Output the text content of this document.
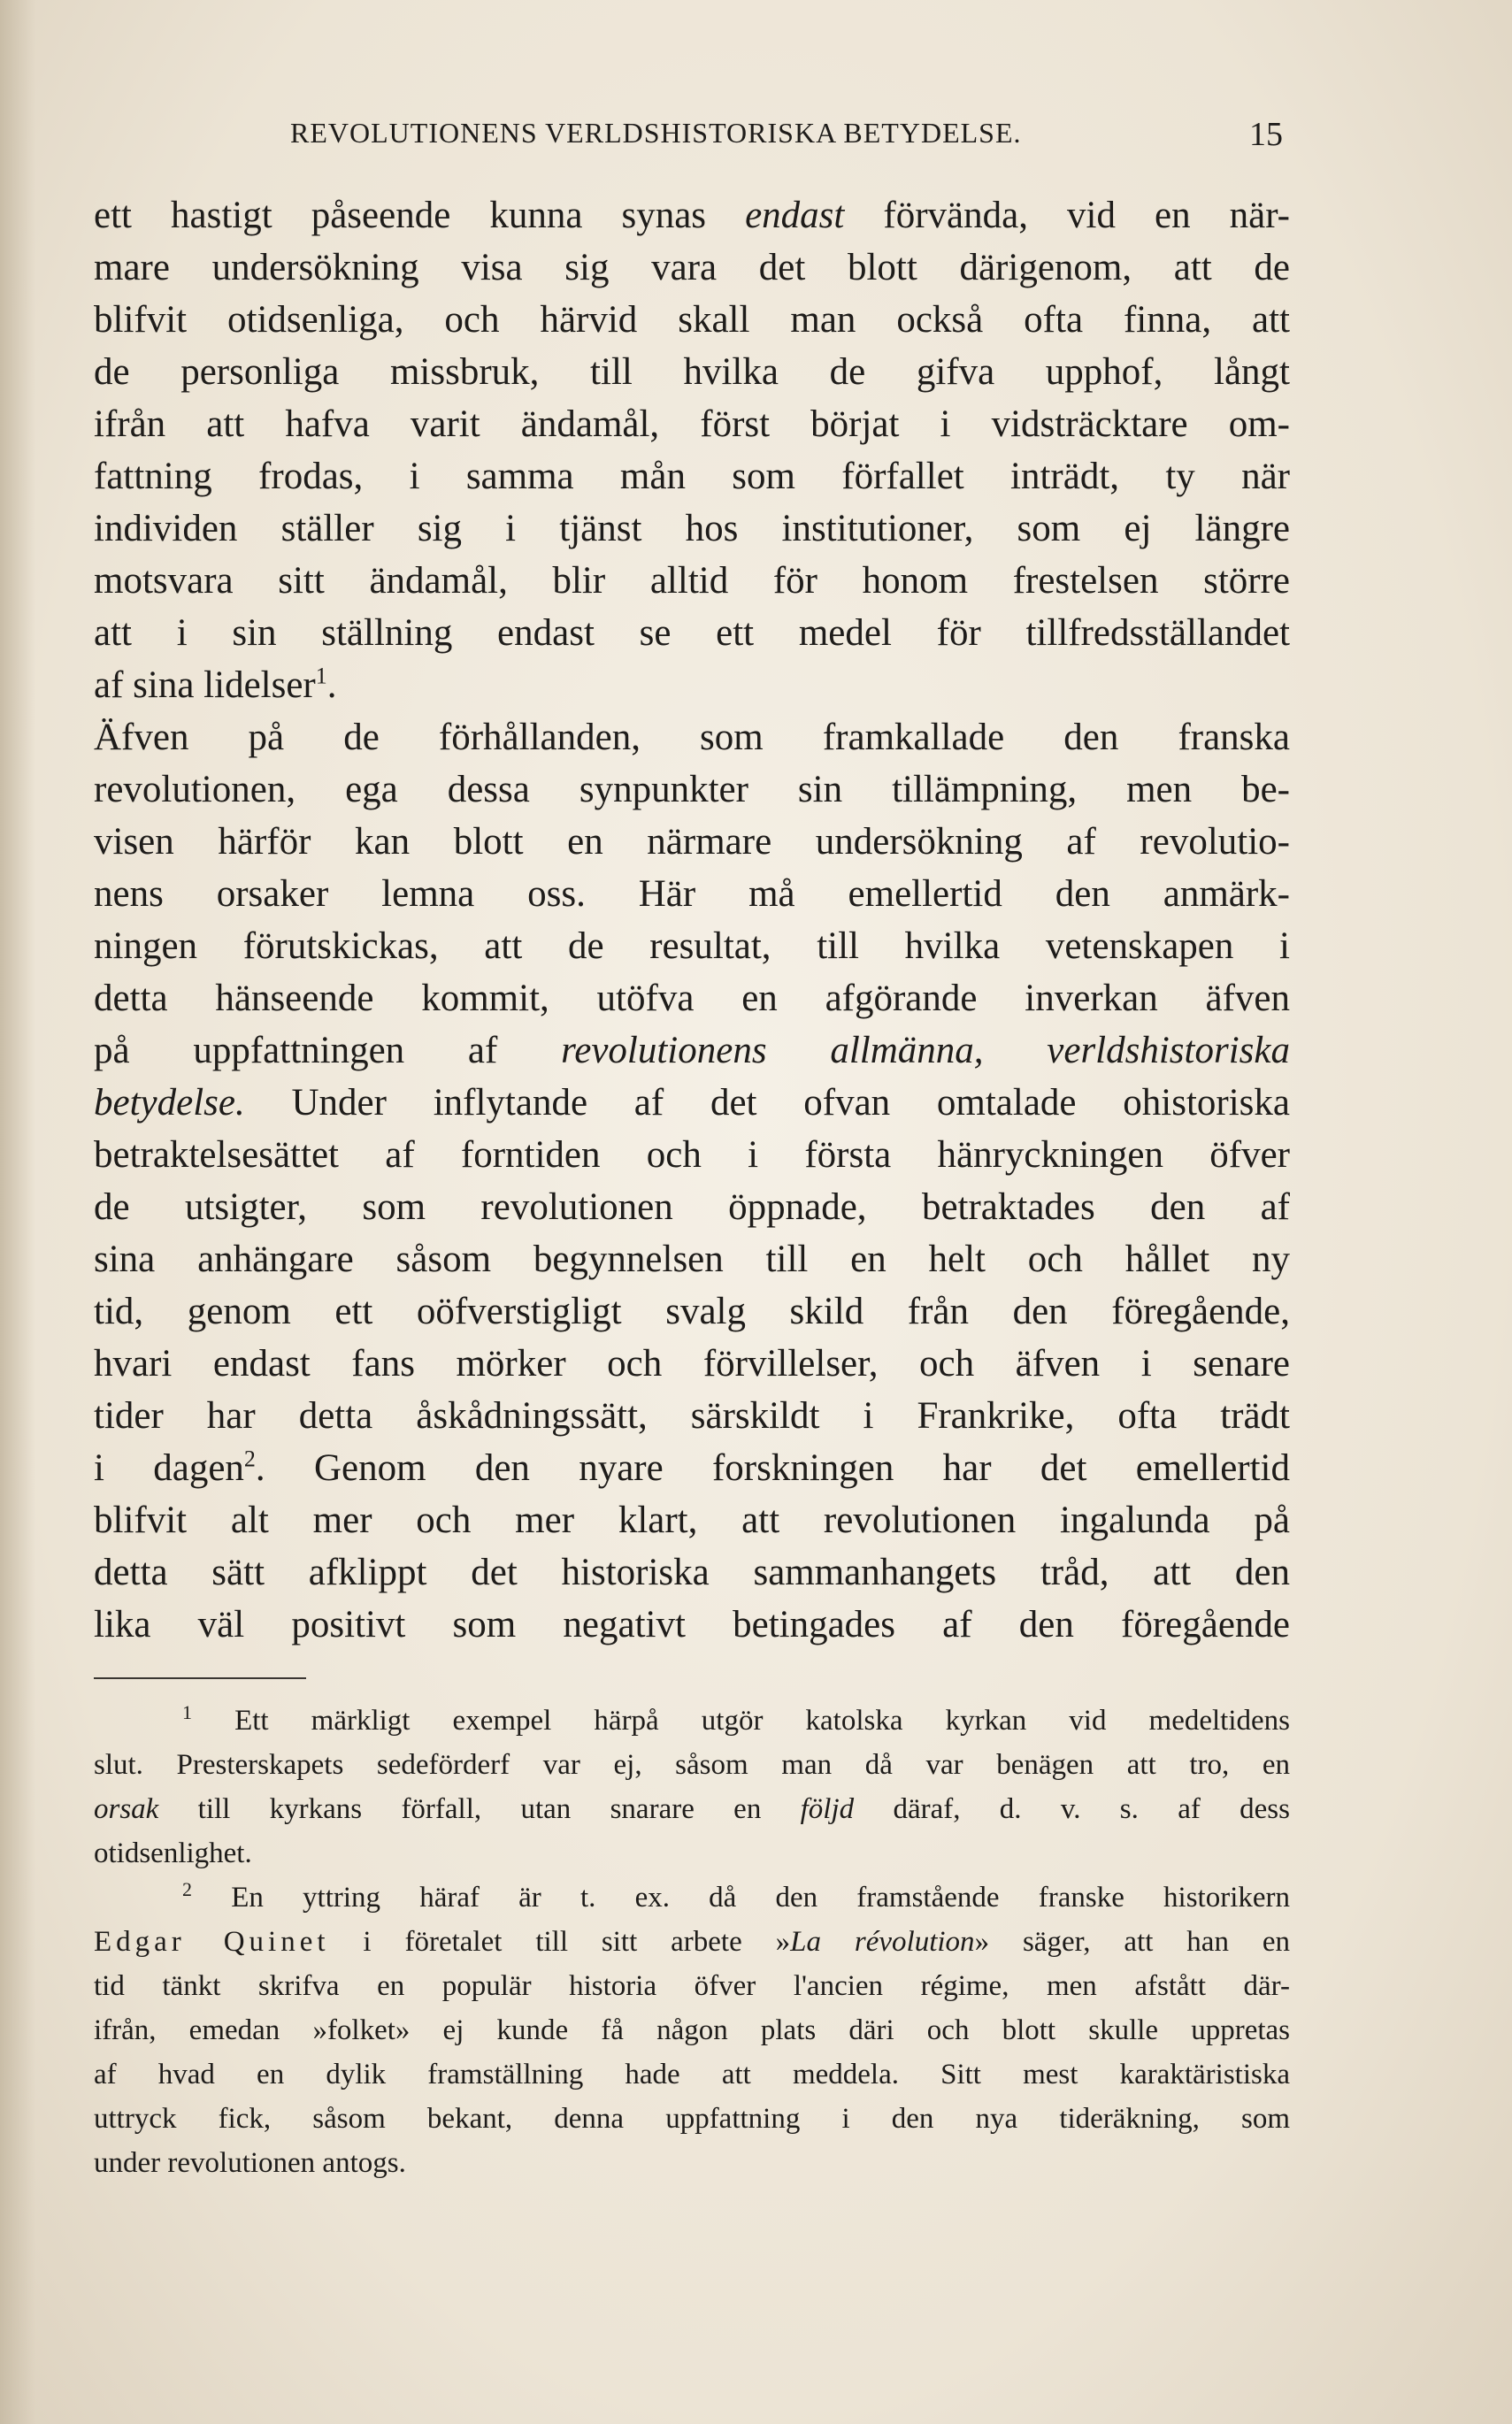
REVOLUTIONENS VERLDSHISTORISKA BETYDELSE.	15
ett hastigt påseende kunna synas endast förvända, vid en när-
mare undersökning visa sig vara det blott därigenom, att de
blifvit otidsenliga, och härvid skall man också ofta finna, att
de personliga missbruk, till hvilka de gifva upphof, långt
ifrån att hafva varit ändamål, först börjat i vidsträcktare om-
fattning frodas, i samma mån som förfallet inträdt, ty när
individen ställer sig i tjänst hos institutioner, som ej längre
motsvara sitt ändamål, blir alltid för honom frestelsen större
att i sin ställning endast se ett medel för tillfredsställandet
af sina lidelser$^1$.
Äfven på de förhållanden, som framkallade den franska
revolutionen, ega dessa synpunkter sin tillämpning, men be-
visen härför kan blott en närmare undersökning af revolutio-
nens orsaker lemna oss. Här må emellertid den anmärk-
ningen förutskickas, att de resultat, till hvilka vetenskapen i
detta hänseende kommit, utöfva en afgörande inverkan äfven
på uppfattningen af revolutionens allmänna, verldshistoriska
betydelse. Under inflytande af det ofvan omtalade ohistoriska
betraktelsesättet af forntiden och i första hänryckningen öfver
de utsigter, som revolutionen öppnade, betraktades den af
sina anhängare såsom begynnelsen till en helt och hållet ny
tid, genom ett oöfverstigligt svalg skild från den föregående,
hvari endast fans mörker och förvillelser, och äfven i senare
tider har detta åskådningssätt, särskildt i Frankrike, ofta trädt
i dagen$^2$. Genom den nyare forskningen har det emellertid
blifvit alt mer och mer klart, att revolutionen ingalunda på
detta sätt afklippt det historiska sammanhangets tråd, att den
lika väl positivt som negativt betingades af den föregående
$^1$ Ett märkligt exempel härpå utgör katolska kyrkan vid medeltidens
slut. Presterskapets sedeförderf var ej, såsom man då var benägen att tro, en
orsak till kyrkans förfall, utan snarare en följd däraf, d. v. s. af dess
otidsenlighet.
$^2$ En yttring häraf är t. ex. då den framstående franske historikern
Edgar Quinet i företalet till sitt arbete »La révolution» säger, att han en
tid tänkt skrifva en populär historia öfver l'ancien régime, men afstått där-
ifrån, emedan »folket» ej kunde få någon plats däri och blott skulle uppretas
af hvad en dylik framställning hade att meddela. Sitt mest karaktäristiska
uttryck fick, såsom bekant, denna uppfattning i den nya tideräkning, som
under revolutionen antogs.
